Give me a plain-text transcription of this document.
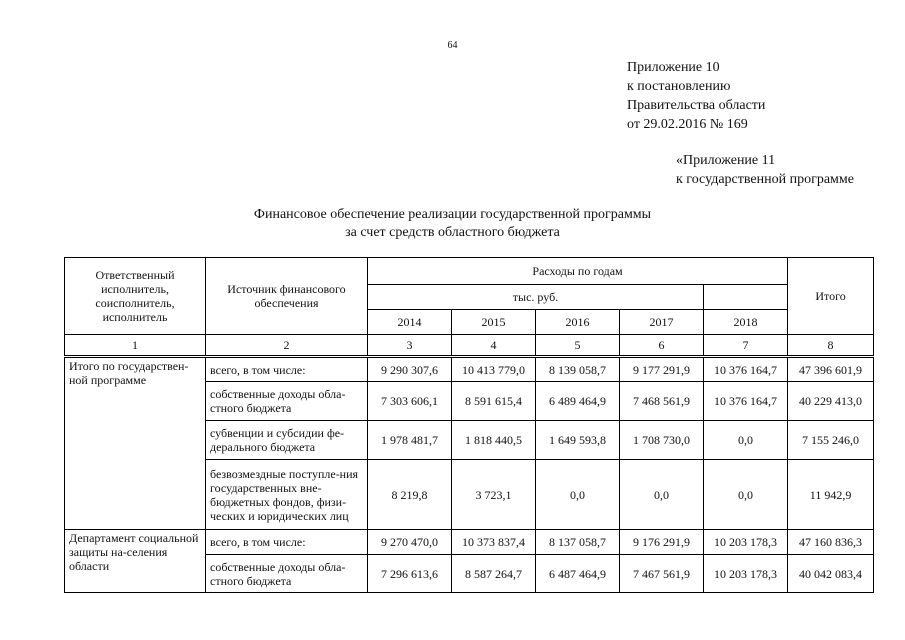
64
Приложение 10
к постановлению
Правительства области
от 29.02.2016 № 169
«Приложение 11
к государственной программе
Финансовое обеспечение реализации государственной программы
за счет средств областного бюджета
Ответственный исполнитель, соисполнитель, исполнитель	Источник финансового обеспечения	Расходы по годам					Итого
		тыс. руб.					
		2014	2015	2016	2017	2018	
1	2	3	4	5	6	7	8
Итого по государствен-ной программе	всего, в том числе:	9 290 307,6	10 413 779,0	8 139 058,7	9 177 291,9	10 376 164,7	47 396 601,9
	собственные доходы обла-стного бюджета	7 303 606,1	8 591 615,4	6 489 464,9	7 468 561,9	10 376 164,7	40 229 413,0
	субвенции и субсидии фе-дерального бюджета	1 978 481,7	1 818 440,5	1 649 593,8	1 708 730,0	0,0	7 155 246,0
	безвозмездные поступле-ния государственных вне-бюджетных фондов, физи-ческих и юридических лиц	8 219,8	3 723,1	0,0	0,0	0,0	11 942,9
Департамент социальной защиты на-селения области	всего, в том числе:	9 270 470,0	10 373 837,4	8 137 058,7	9 176 291,9	10 203 178,3	47 160 836,3
	собственные доходы обла-стного бюджета	7 296 613,6	8 587 264,7	6 487 464,9	7 467 561,9	10 203 178,3	40 042 083,4
